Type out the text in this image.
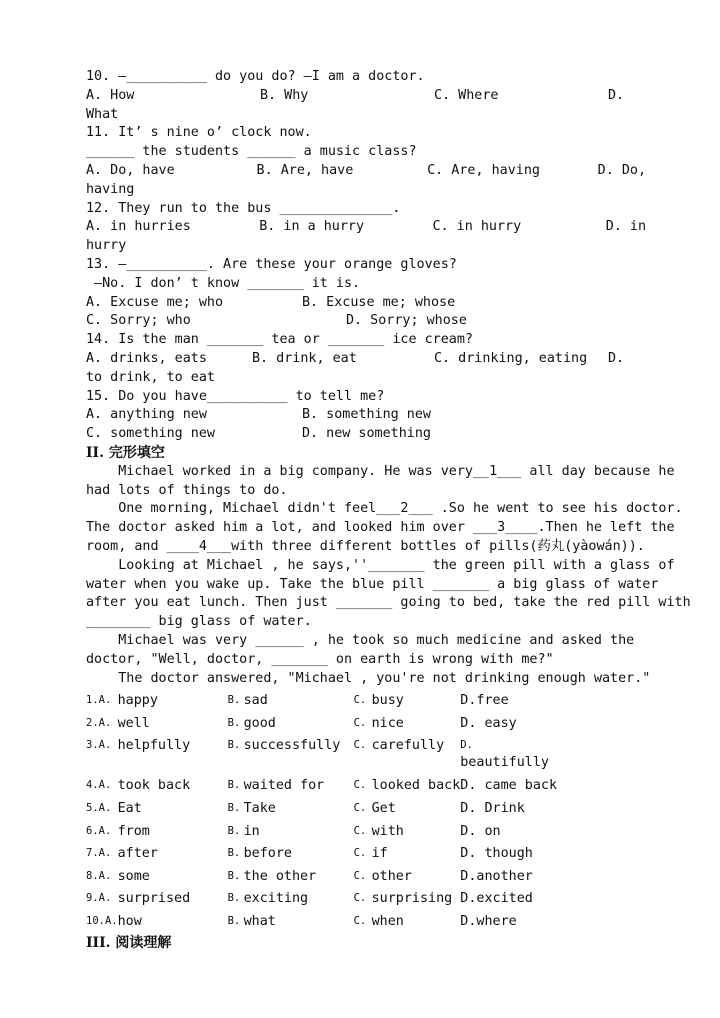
10. —__________ do you do? —I am a doctor.
A. How	B. Why	C. Where	D.
What
11. It’ s nine o’ clock now.
______ the students ______ a music class?
A. Do, have	B. Are, have	C. Are, having	D. Do,
having
12. They run to the bus ______________.
A. in hurries	B. in a hurry	C. in hurry	D. in
hurry
13. —__________. Are these your orange gloves?
—No. I don’ t know _______ it is.
A. Excuse me; who	B. Excuse me; whose
C. Sorry; who	D. Sorry; whose
14. Is the man _______ tea or _______ ice cream?
A. drinks, eats	B. drink, eat	C. drinking, eating	D.
to drink, to eat
15. Do you have__________ to tell me?
A. anything new	B. something new
C. something new	D. new something
II. 完形填空
Michael worked in a big company. He was very__1___ all day because he
had lots of things to do.
One morning, Michael didn't feel___2___ .So he went to see his doctor.
The doctor asked him a lot, and looked him over ___3____.Then he left the
room, and ____4___with three different bottles of pills(药丸(yàowán)).
Looking at Michael , he says,''_______ the green pill with a glass of
water when you wake up. Take the blue pill _______ a big glass of water
after you eat lunch. Then just _______ going to bed, take the red pill with
________ big glass of water.
Michael was very ______ , he took so much medicine and asked the
doctor, "Well, doctor, _______ on earth is wrong with me?"
The doctor answered, "Michael , you're not drinking enough water."
1.A.	happy	B.	sad	C.	busy	D.free
2.A.	well	B.	good	C.	nice	D. easy
3.A.	helpfully	B.	successfully	C.	carefully	D.
beautifully

4.A.	took back	B.	waited for	C.	looked back	D. came back
5.A.	Eat	B.	Take	C.	Get	D. Drink
6.A.	from	B.	in	C.	with	D. on
7.A.	after	B.	before	C.	if	D. though
8.A.	some	B.	the other	C.	other	D.another
9.A.	surprised	B.	exciting	C.	surprising	D.excited
10.A.	how	B.	what	C.	when	D.where
III. 阅读理解
